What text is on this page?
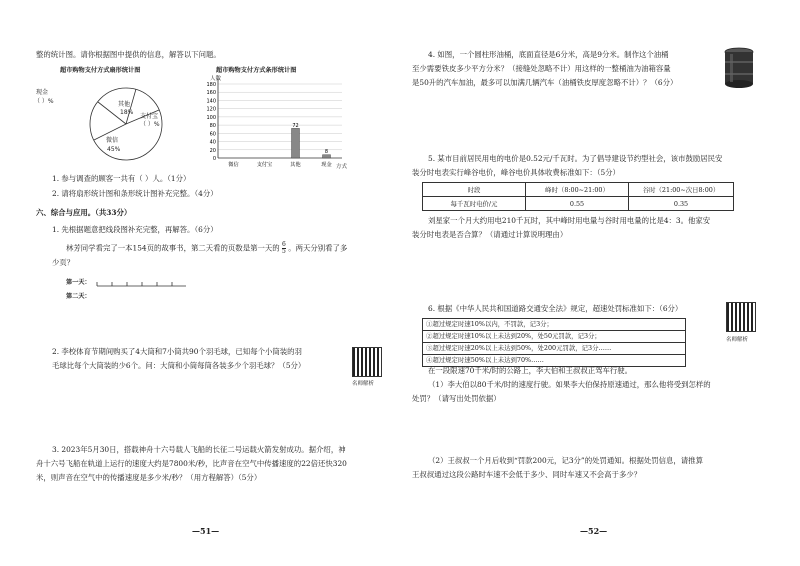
整的统计图。请你根据图中提供的信息，解答以下问题。
超市购物支付方式扇形统计图
现金
（ ）%	其他
18%
支付宝
（ ）%
微信
45%
超市购物支付方式条形统计图
0
20
40
60
80
100
120
140
160
180
72
8
微信	支付宝	其他	现金
人数
方式
1. 参与调查的顾客一共有（ ）人。（1分）
2. 请将扇形统计图和条形统计图补充完整。（4分）
六、综合与应用。（共33分）
1. 先根据题意把线段图补充完整，再解答。（6分）
林芳同学看完了一本154页的故事书，第二天看的页数是第一天的 $\frac{6}{5}$ 。两天分别看了多
少页？
第一天：
第二天：
2. 李校体育节期间购买了4大筒和7小筒共90个羽毛球，已知每个小筒装的羽
毛球比每个大筒装的少6个。问：大筒和小筒每筒各装多少个羽毛球？（5分）
名师解析
3. 2023年5月30日，搭载神舟十六号载人飞船的长征二号运载火箭发射成功。据介绍，神
舟十六号飞船在轨道上运行的速度大约是7800米/秒，比声音在空气中传播速度的22倍还快320
米，则声音在空气中的传播速度是多少米/秒？（用方程解答）（5分）
—51—
4. 如图，一个圆柱形油桶，底面直径是6分米，高是9分米。制作这个油桶
至少需要铁皮多少平方分米？（接缝处忽略不计）用这样的一整桶油为油箱容量
是50升的汽车加油，最多可以加满几辆汽车（油桶铁皮厚度忽略不计）？（6分）
5. 某市目前居民用电的电价是0.52元/千瓦时。为了倡导建设节约型社会，该市鼓励居民安
装分时电表实行峰谷电价，峰谷电价具体收费标准如下：（5分）
时段	峰时（8:00~21:00）	谷时（21:00~次日8:00）
每千瓦时电价/元	0.55	0.35
刘星家一个月大约用电210千瓦时，其中峰时用电量与谷时用电量的比是4：3。他家安
装分时电表是否合算？（请通过计算说明理由）
6. 根据《中华人民共和国道路交通安全法》规定，超速处罚标准如下：（6分）
①超过规定时速10%以内，不罚款，记3分；
②超过规定时速10%以上未达到20%，处50元罚款，记3分；
③超过规定时速20%以上未达到50%，处200元罚款，记3分……
④超过规定时速50%以上未达到70%……
名师解析
在一段限速70千米/时的公路上，李大伯和王叔叔正驾车行驶。
（1）李大伯以80千米/时的速度行驶。如果李大伯保持原速通过，那么他将受到怎样的
处罚？（请写出处罚依据）
（2）王叔叔一个月后收到“罚款200元，记3分”的处罚通知。根据处罚信息，请推算
王叔叔通过这段公路时车速不会低于多少、同时车速又不会高于多少？
—52—
